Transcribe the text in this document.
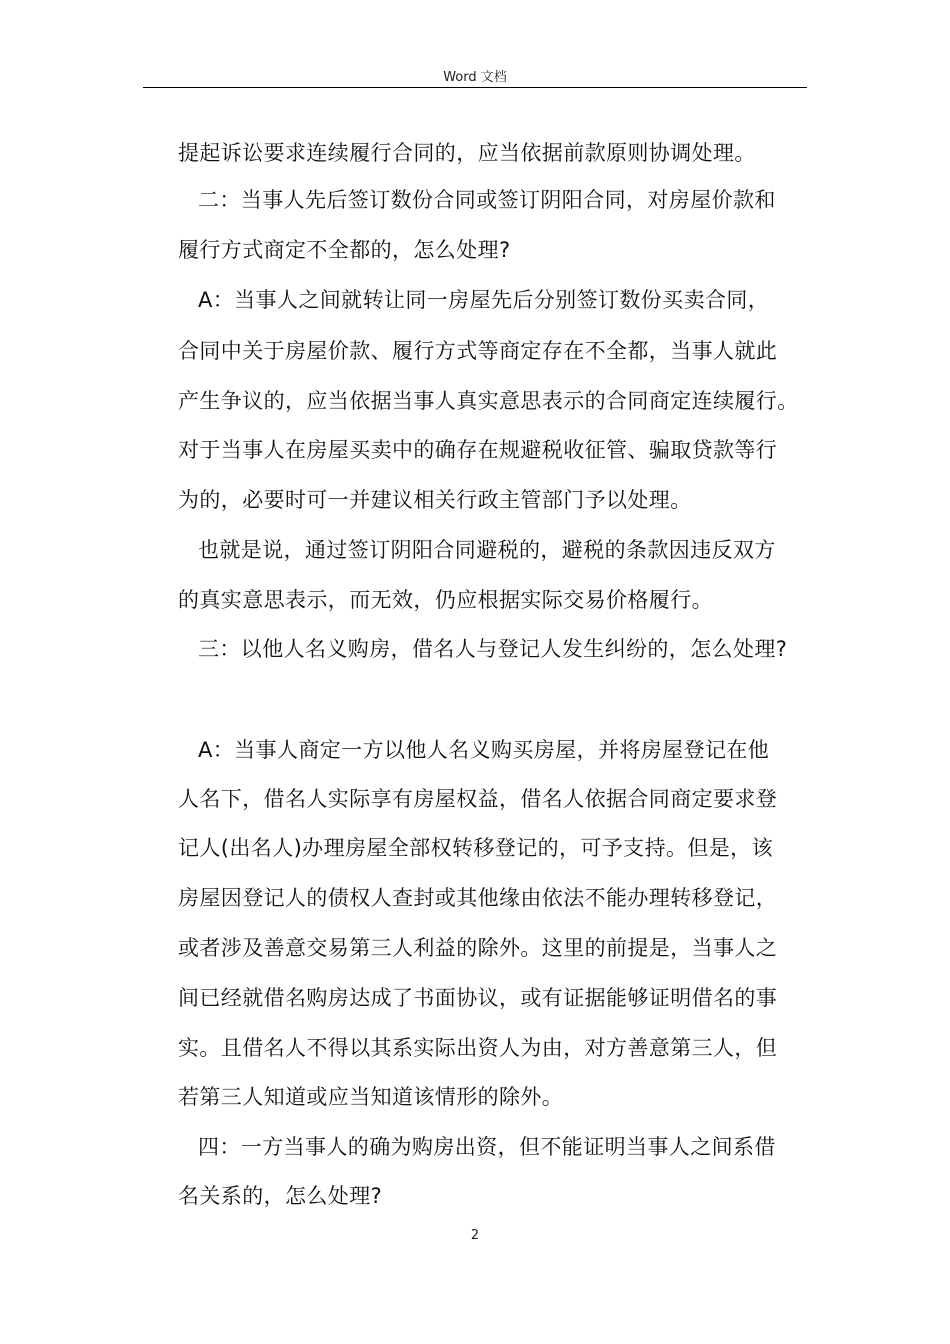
Word 文档
提起诉讼要求连续履行合同的，应当依据前款原则协调处理。
二：当事人先后签订数份合同或签订阴阳合同，对房屋价款和
履行方式商定不全都的，怎么处理?
A：当事人之间就转让同一房屋先后分别签订数份买卖合同，
合同中关于房屋价款、履行方式等商定存在不全都，当事人就此
产生争议的，应当依据当事人真实意思表示的合同商定连续履行。
对于当事人在房屋买卖中的确存在规避税收征管、骗取贷款等行
为的，必要时可一并建议相关行政主管部门予以处理。
也就是说，通过签订阴阳合同避税的，避税的条款因违反双方
的真实意思表示，而无效，仍应根据实际交易价格履行。
三：以他人名义购房，借名人与登记人发生纠纷的，怎么处理?
A：当事人商定一方以他人名义购买房屋，并将房屋登记在他
人名下，借名人实际享有房屋权益，借名人依据合同商定要求登
记人(出名人)办理房屋全部权转移登记的，可予支持。但是，该
房屋因登记人的债权人查封或其他缘由依法不能办理转移登记，
或者涉及善意交易第三人利益的除外。这里的前提是，当事人之
间已经就借名购房达成了书面协议，或有证据能够证明借名的事
实。且借名人不得以其系实际出资人为由，对方善意第三人，但
若第三人知道或应当知道该情形的除外。
四：一方当事人的确为购房出资，但不能证明当事人之间系借
名关系的，怎么处理?
2
